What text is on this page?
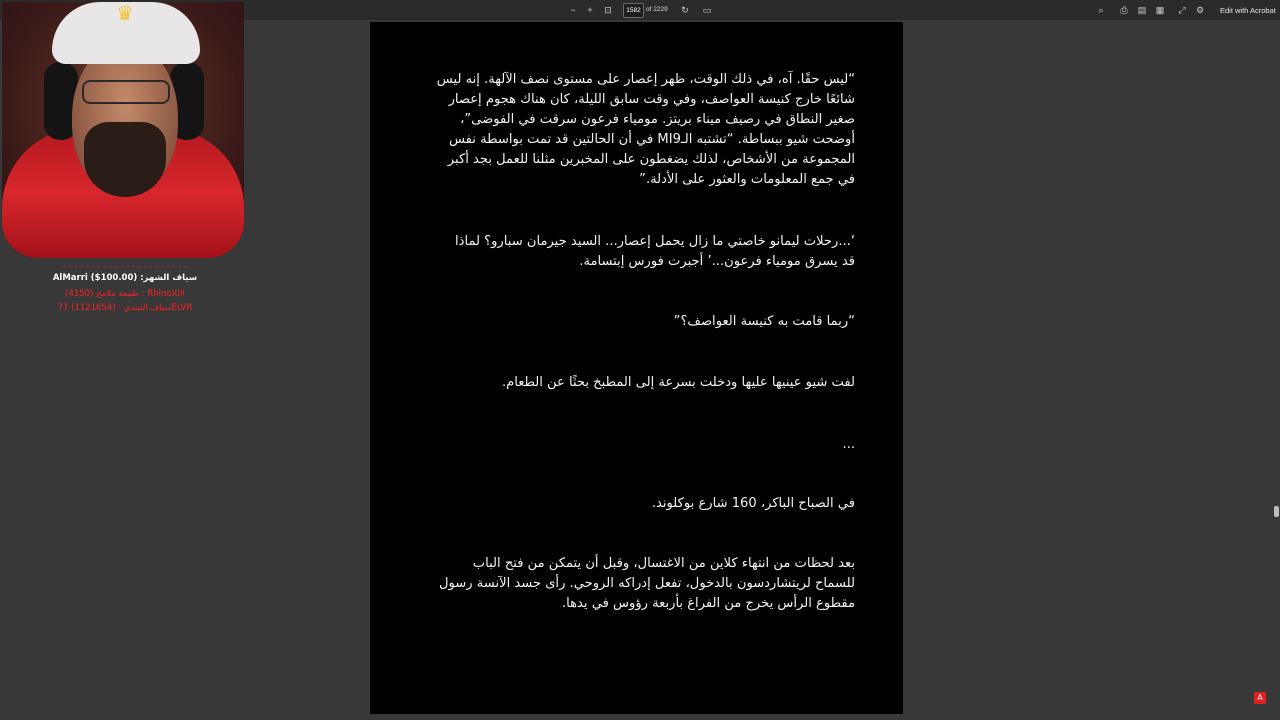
−	+	⊡	1582 of 2229	↻	▭	⌕	⎙	▤	▦	⤢	⚙	Edit with Acrobat
“ليس حقًا. آه، في ذلك الوقت، ظهر إعصار على مستوى نصف الآلهة. إنه ليس
شائعًا خارج كنيسة العواصف، وفي وقت سابق الليلة، كان هناك هجوم إعصار
صغير النطاق في رصيف ميناء بريتز. مومياء فرعون سرقت في الفوضى”،
أوضحت شيو ببساطة. “تشتبه الـMI9 في أن الحالتين قد تمت بواسطة نفس
المجموعة من الأشخاص، لذلك يضغطون على المخبرين مثلنا للعمل بجد أكبر
في جمع المعلومات والعثور على الأدلة.”
‘...رحلات ليمانو خاصتي ما زال يحمل إعصار... السيد جيرمان سبارو؟ لماذا
قد يسرق مومياء فرعون...’ أجبرت فورس إبتسامة.
“ربما قامت به كنيسة العواصف؟”
لفت شيو عينيها عليها ودخلت بسرعة إلى المطبخ بحثًا عن الطعام.
...
في الصباح الباكر، 160 شارع بوكلوند.
بعد لحظات من انتهاء كلاين من الاغتسال، وقبل أن يتمكن من فتح الباب
للسماح لريتشاردسون بالدخول، تفعل إدراكه الروحي. رأى جسد الآنسة رسول
مقطوع الرأس يخرج من الفراغ بأربعة رؤوس في يدها.
♛
- - - - - - - - - - - - - - - - - - - - - -
AlMarri ($100.00) :سياف الشهر
طبيعة ملامح (4150) : RhinoXIII
سياف التيندي : (1121654) 77ELVR
A
